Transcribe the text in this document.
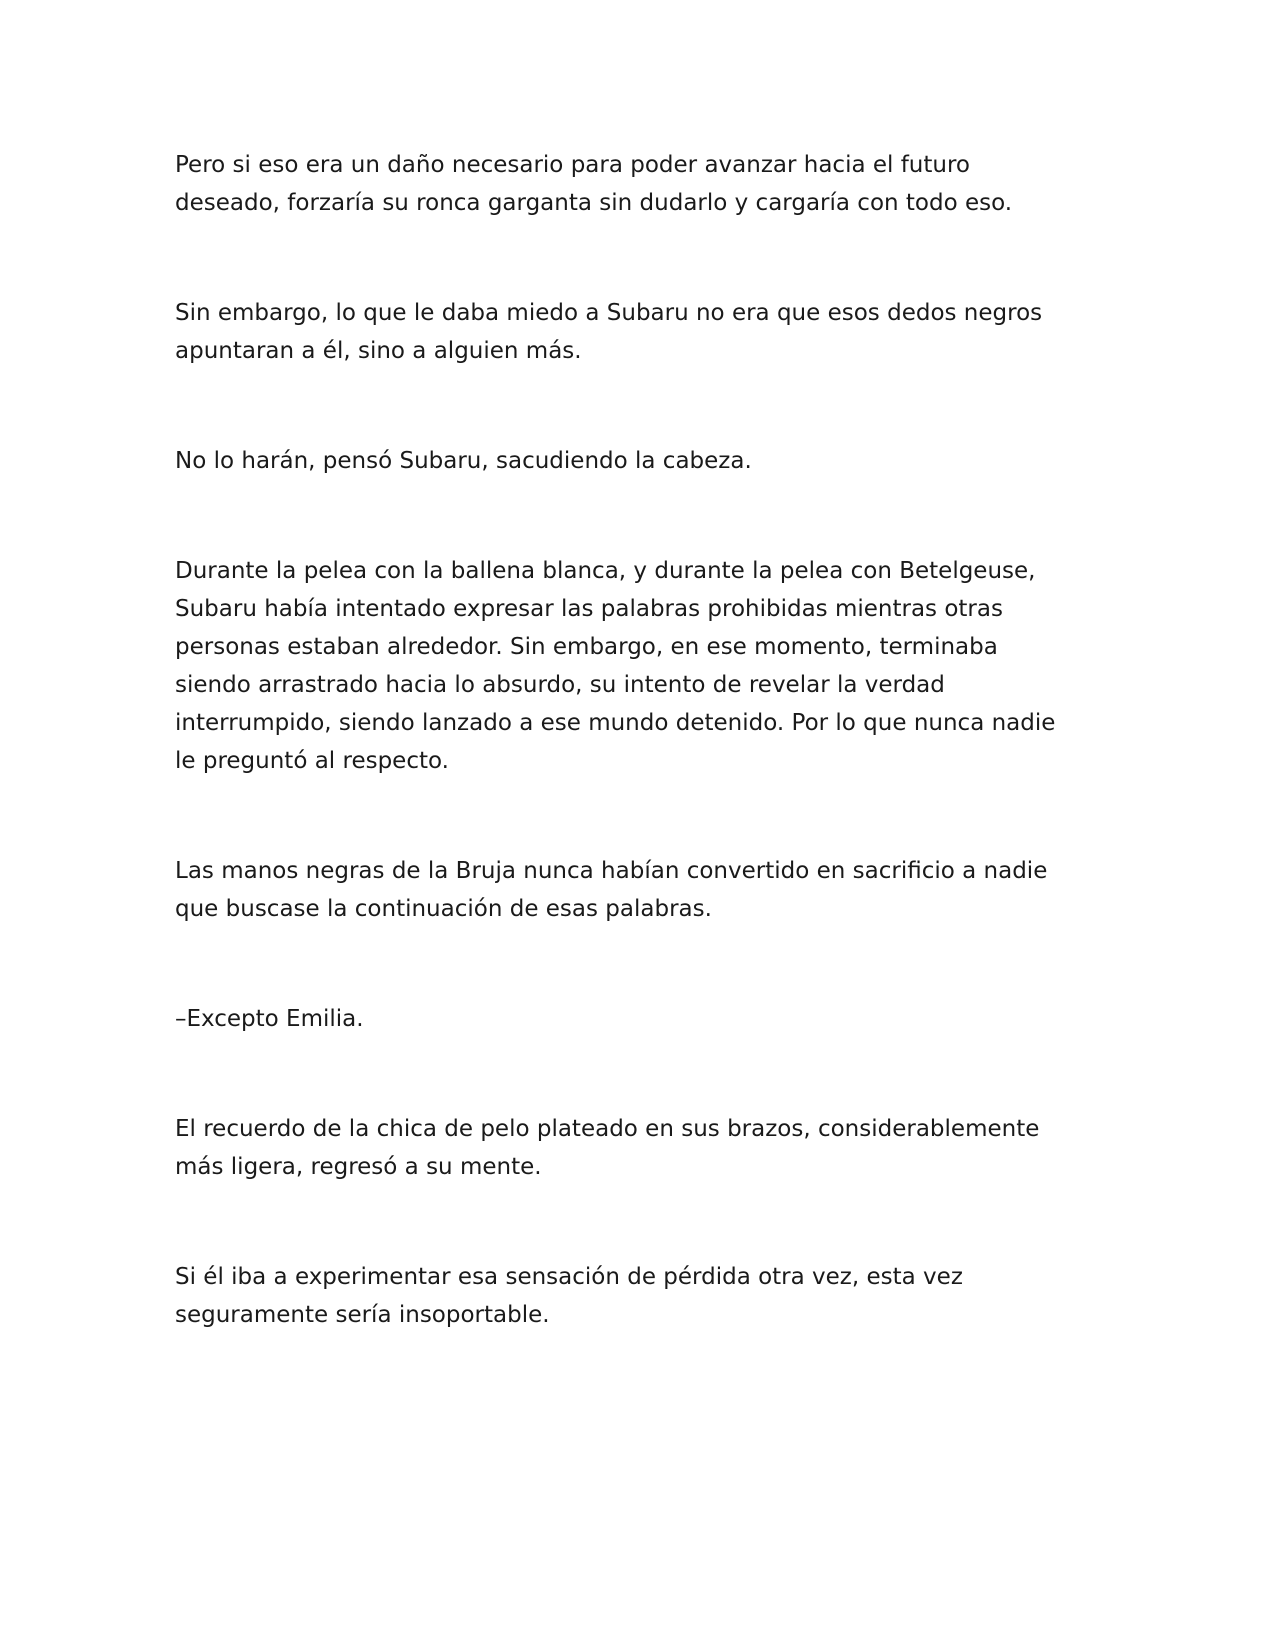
Pero si eso era un daño necesario para poder avanzar hacia el futuro
deseado, forzaría su ronca garganta sin dudarlo y cargaría con todo eso.

Sin embargo, lo que le daba miedo a Subaru no era que esos dedos negros
apuntaran a él, sino a alguien más.

No lo harán, pensó Subaru, sacudiendo la cabeza.

Durante la pelea con la ballena blanca, y durante la pelea con Betelgeuse,
Subaru había intentado expresar las palabras prohibidas mientras otras
personas estaban alrededor. Sin embargo, en ese momento, terminaba
siendo arrastrado hacia lo absurdo, su intento de revelar la verdad
interrumpido, siendo lanzado a ese mundo detenido. Por lo que nunca nadie
le preguntó al respecto.

Las manos negras de la Bruja nunca habían convertido en sacrificio a nadie
que buscase la continuación de esas palabras.

–Excepto Emilia.

El recuerdo de la chica de pelo plateado en sus brazos, considerablemente
más ligera, regresó a su mente.

Si él iba a experimentar esa sensación de pérdida otra vez, esta vez
seguramente sería insoportable.
